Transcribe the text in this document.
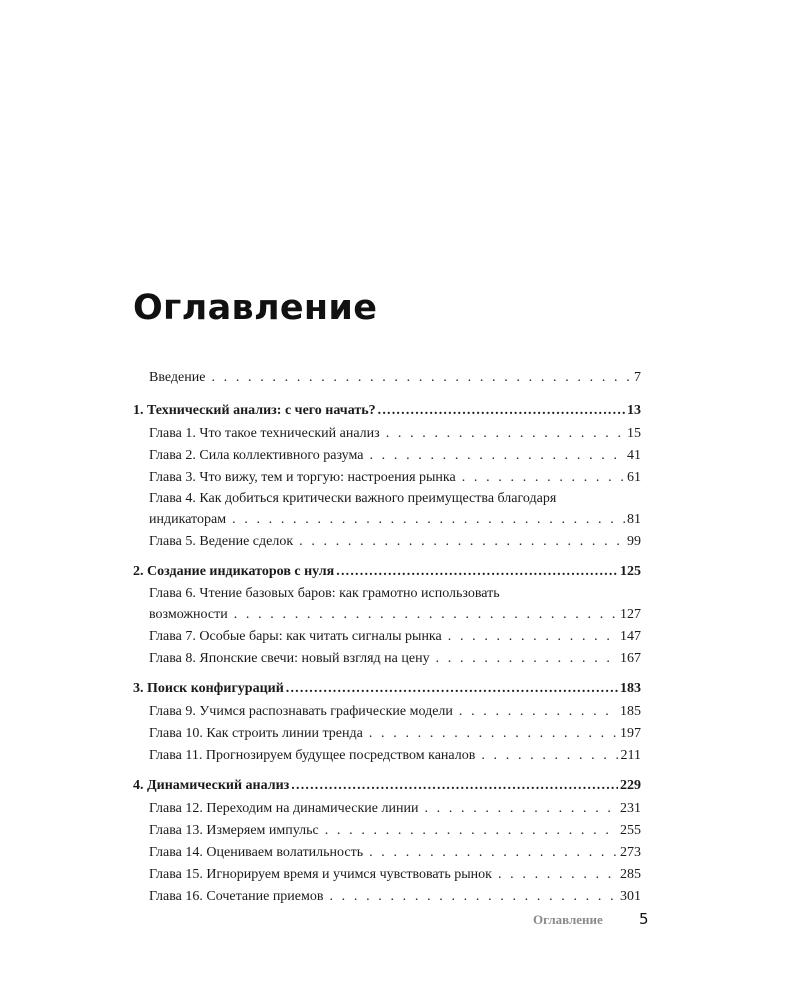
Оглавление
Введение . . .	7
1. Технический анализ: с чего начать? .....	13
Глава 1. Что такое технический анализ . . .	15
Глава 2. Сила коллективного разума . . .	41
Глава 3. Что вижу, тем и торгую: настроения рынка . . .	61
Глава 4. Как добиться критически важного преимущества благодаря
индикаторам . . .	81
Глава 5. Ведение сделок . . .	99
2. Создание индикаторов с нуля .....	125
Глава 6. Чтение базовых баров: как грамотно использовать
возможности . . .	127
Глава 7. Особые бары: как читать сигналы рынка . . .	147
Глава 8. Японские свечи: новый взгляд на цену . . .	167
3. Поиск конфигураций .....	183
Глава 9. Учимся распознавать графические модели . . .	185
Глава 10. Как строить линии тренда . . .	197
Глава 11. Прогнозируем будущее посредством каналов . . .	211
4. Динамический анализ .....	229
Глава 12. Переходим на динамические линии . . .	231
Глава 13. Измеряем импульс . . .	255
Глава 14. Оцениваем волатильность . . .	273
Глава 15. Игнорируем время и учимся чувствовать рынок . . .	285
Глава 16. Сочетание приемов . . .	301
Оглавление 5
